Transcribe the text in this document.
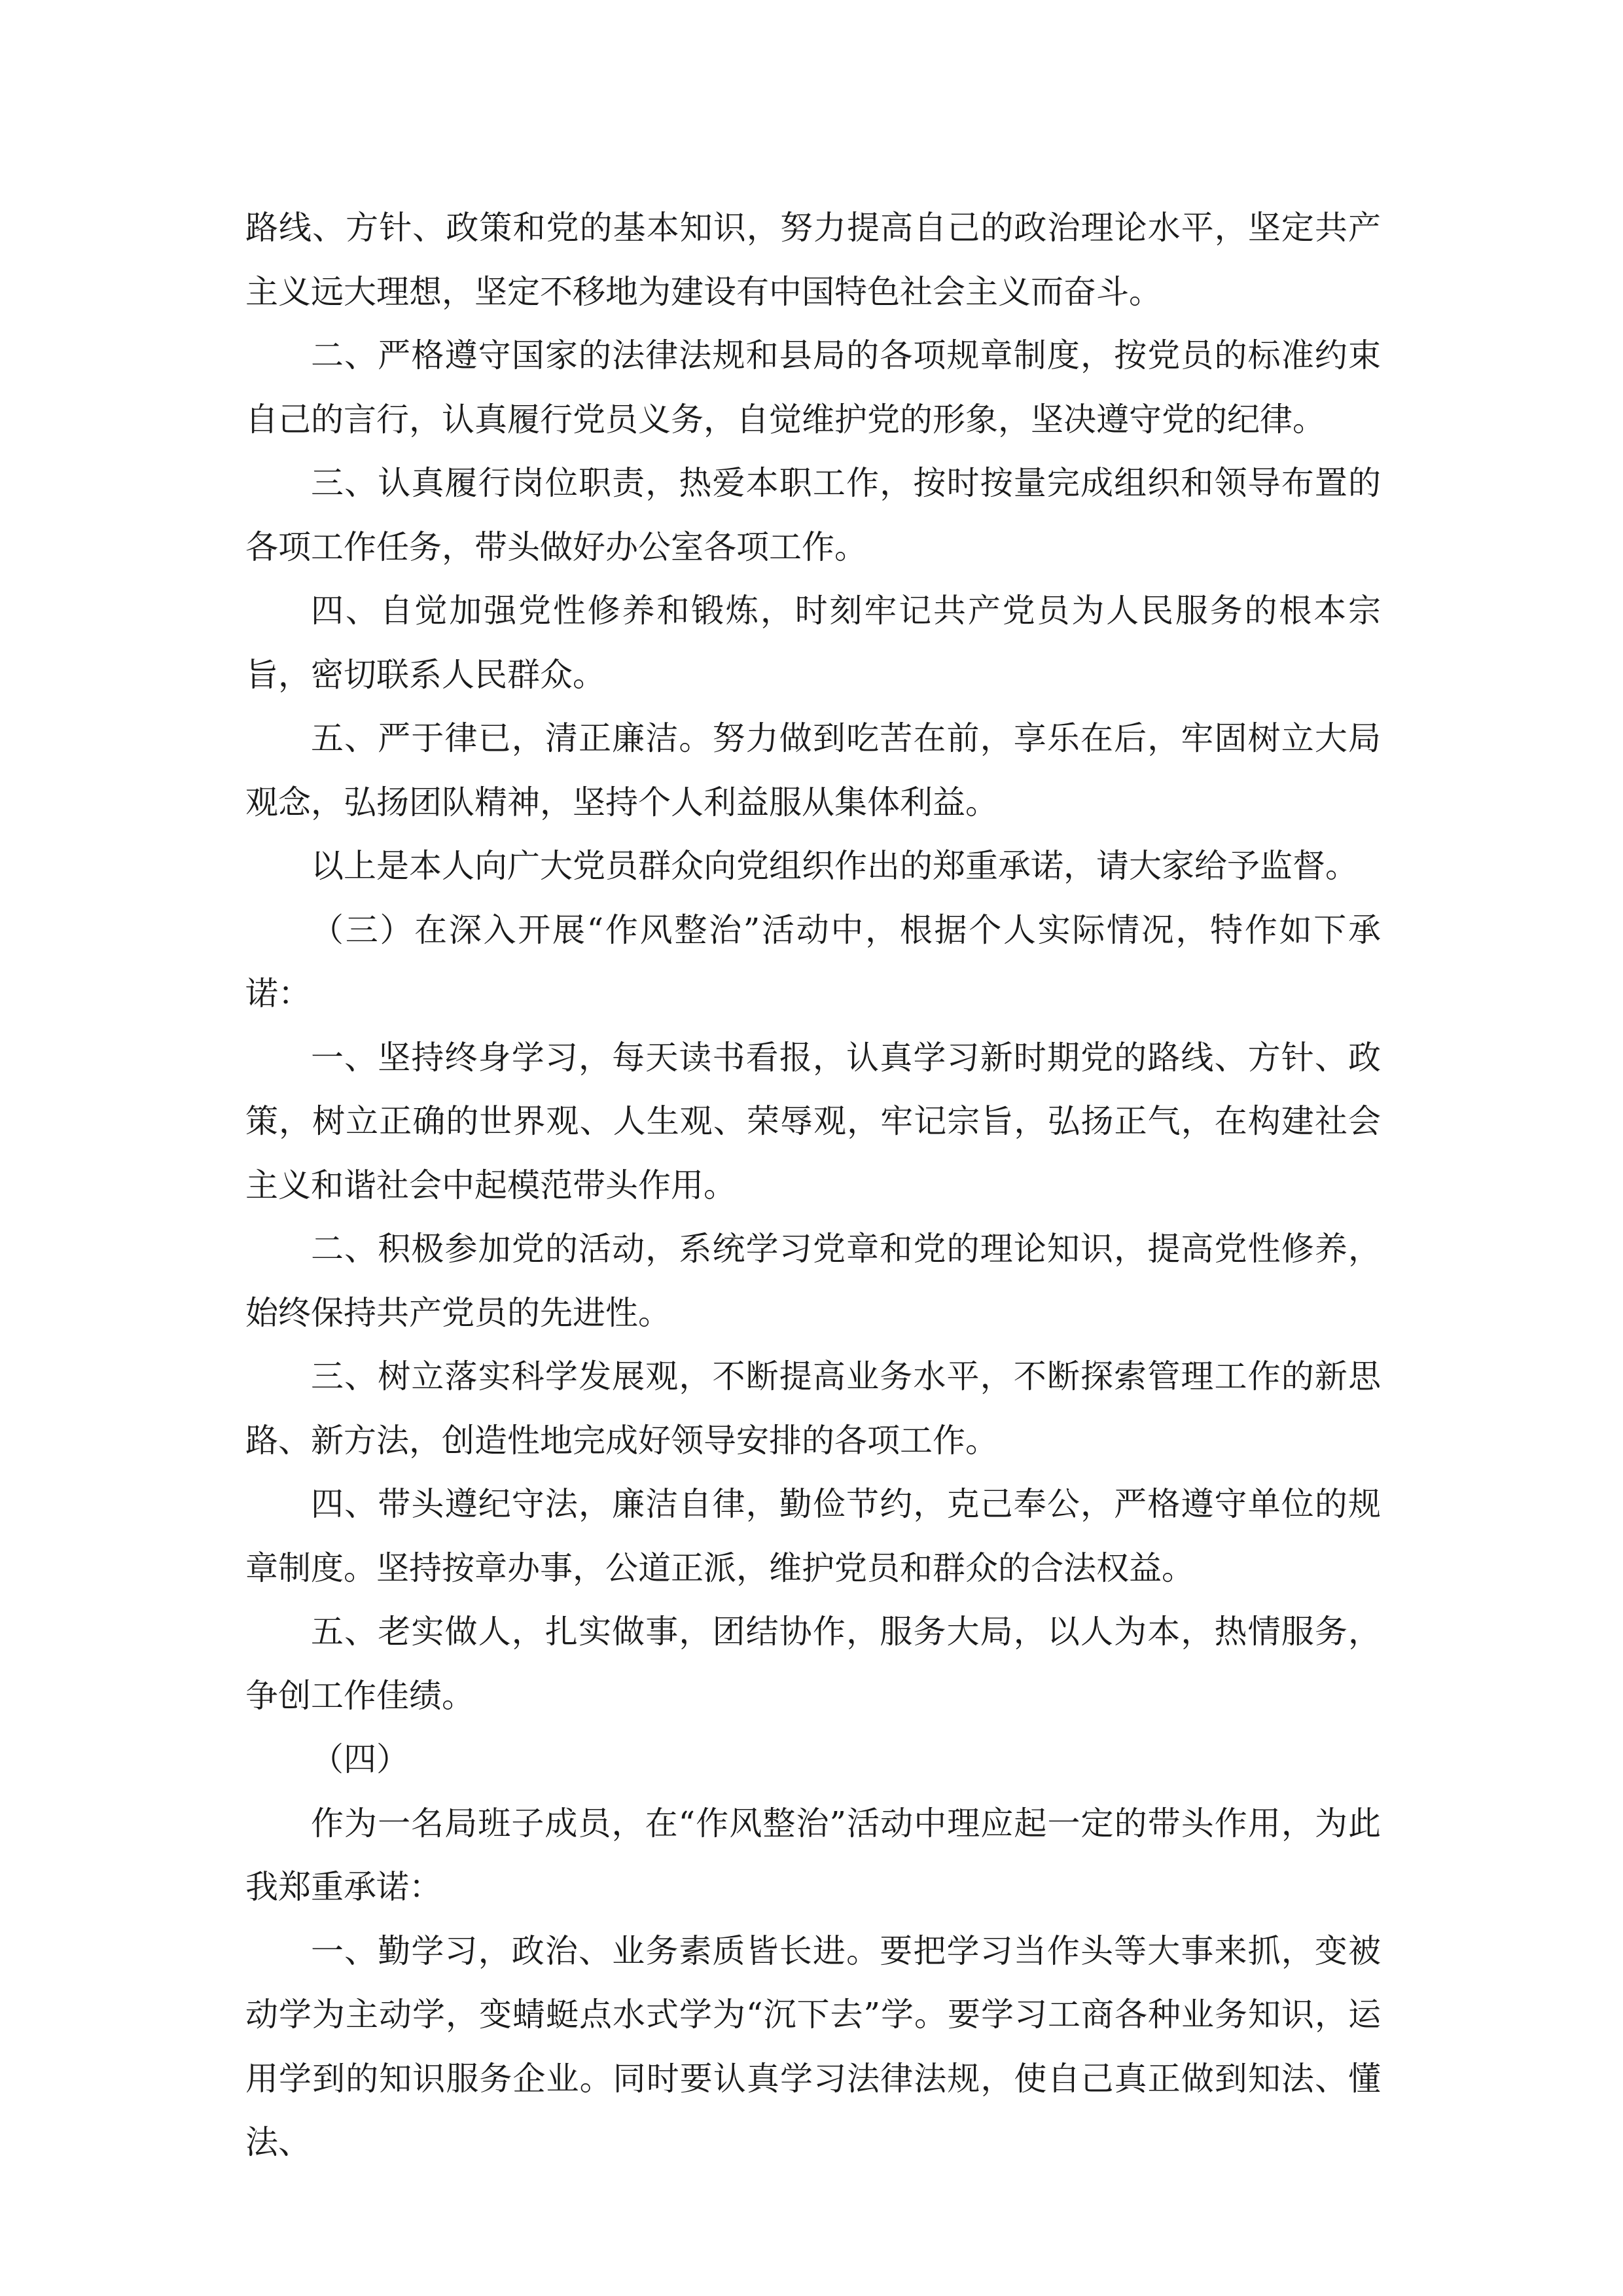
路线、方针、政策和党的基本知识，努力提高自己的政治理论水平，坚定共产主义远大理想，坚定不移地为建设有中国特色社会主义而奋斗。

二、严格遵守国家的法律法规和县局的各项规章制度，按党员的标准约束自己的言行，认真履行党员义务，自觉维护党的形象，坚决遵守党的纪律。

三、认真履行岗位职责，热爱本职工作，按时按量完成组织和领导布置的各项工作任务，带头做好办公室各项工作。

四、自觉加强党性修养和锻炼，时刻牢记共产党员为人民服务的根本宗旨，密切联系人民群众。

五、严于律已，清正廉洁。努力做到吃苦在前，享乐在后，牢固树立大局观念，弘扬团队精神，坚持个人利益服从集体利益。

以上是本人向广大党员群众向党组织作出的郑重承诺，请大家给予监督。

（三）在深入开展“作风整治”活动中，根据个人实际情况，特作如下承诺：

一、坚持终身学习，每天读书看报，认真学习新时期党的路线、方针、政策，树立正确的世界观、人生观、荣辱观，牢记宗旨，弘扬正气，在构建社会主义和谐社会中起模范带头作用。

二、积极参加党的活动，系统学习党章和党的理论知识，提高党性修养，始终保持共产党员的先进性。

三、树立落实科学发展观，不断提高业务水平，不断探索管理工作的新思路、新方法，创造性地完成好领导安排的各项工作。

四、带头遵纪守法，廉洁自律，勤俭节约，克己奉公，严格遵守单位的规章制度。坚持按章办事，公道正派，维护党员和群众的合法权益。

五、老实做人，扎实做事，团结协作，服务大局，以人为本，热情服务，争创工作佳绩。

（四）

作为一名局班子成员，在“作风整治”活动中理应起一定的带头作用，为此我郑重承诺：

一、勤学习，政治、业务素质皆长进。要把学习当作头等大事来抓，变被动学为主动学，变蜻蜓点水式学为“沉下去”学。要学习工商各种业务知识，运用学到的知识服务企业。同时要认真学习法律法规，使自己真正做到知法、懂法、
